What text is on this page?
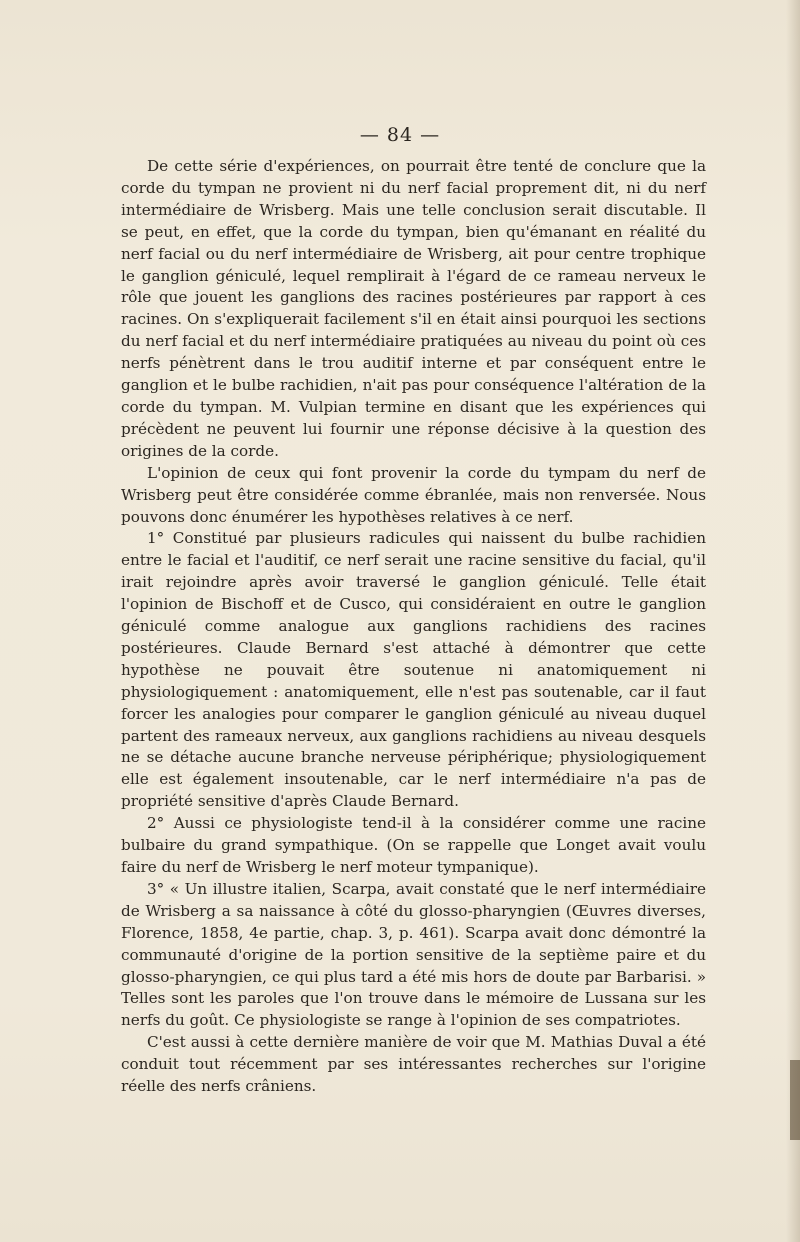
— 84 —

De cette série d'expériences, on pourrait être tenté de conclure que la corde du tympan ne provient ni du nerf facial proprement dit, ni du nerf intermédiaire de Wrisberg. Mais une telle conclusion serait discutable. Il se peut, en effet, que la corde du tympan, bien qu'émanant en réalité du nerf facial ou du nerf intermédiaire de Wrisberg, ait pour centre trophique le ganglion géniculé, lequel remplirait à l'égard de ce rameau nerveux le rôle que jouent les ganglions des racines postérieures par rapport à ces racines. On s'expliquerait facilement s'il en était ainsi pourquoi les sections du nerf facial et du nerf intermédiaire pratiquées au niveau du point où ces nerfs pénètrent dans le trou auditif interne et par conséquent entre le ganglion et le bulbe rachidien, n'ait pas pour conséquence l'altération de la corde du tympan. M. Vulpian termine en disant que les expériences qui précèdent ne peuvent lui fournir une réponse décisive à la question des origines de la corde.

L'opinion de ceux qui font provenir la corde du tympam du nerf de Wrisberg peut être considérée comme ébranlée, mais non renversée. Nous pouvons donc énumérer les hypothèses relatives à ce nerf.

1° Constitué par plusieurs radicules qui naissent du bulbe rachidien entre le facial et l'auditif, ce nerf serait une racine sensitive du facial, qu'il irait rejoindre après avoir traversé le ganglion géniculé. Telle était l'opinion de Bischoff et de Cusco, qui considéraient en outre le ganglion géniculé comme analogue aux ganglions rachidiens des racines postérieures. Claude Bernard s'est attaché à démontrer que cette hypothèse ne pouvait être soutenue ni anatomiquement ni physiologiquement : anatomiquement, elle n'est pas soutenable, car il faut forcer les analogies pour comparer le ganglion géniculé au niveau duquel partent des rameaux nerveux, aux ganglions rachidiens au niveau desquels ne se détache aucune branche nerveuse périphérique; physiologiquement elle est également insoutenable, car le nerf intermédiaire n'a pas de propriété sensitive d'après Claude Bernard.

2° Aussi ce physiologiste tend-il à la considérer comme une racine bulbaire du grand sympathique. (On se rappelle que Longet avait voulu faire du nerf de Wrisberg le nerf moteur tympanique).

3° « Un illustre italien, Scarpa, avait constaté que le nerf intermédiaire de Wrisberg a sa naissance à côté du glosso-pharyngien (Œuvres diverses, Florence, 1858, 4e partie, chap. 3, p. 461). Scarpa avait donc démontré la communauté d'origine de la portion sensitive de la septième paire et du glosso-pharyngien, ce qui plus tard a été mis hors de doute par Barbarisi. » Telles sont les paroles que l'on trouve dans le mémoire de Lussana sur les nerfs du goût. Ce physiologiste se range à l'opinion de ses compatriotes.

C'est aussi à cette dernière manière de voir que M. Mathias Duval a été conduit tout récemment par ses intéressantes recherches sur l'origine réelle des nerfs crâniens.
